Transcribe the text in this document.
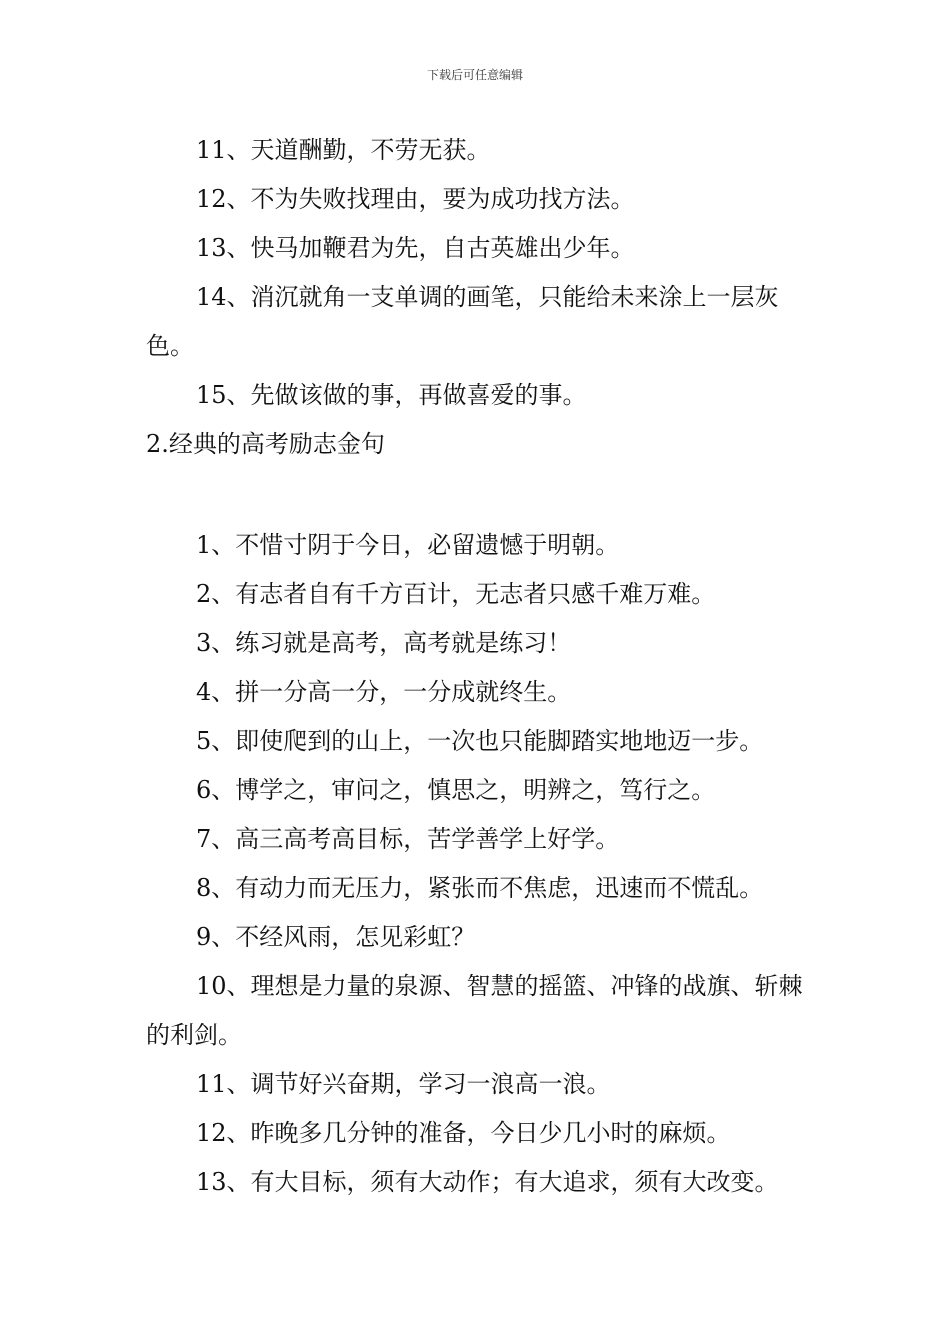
下载后可任意编辑

11、天道酬勤，不劳无获。

12、不为失败找理由，要为成功找方法。

13、快马加鞭君为先，自古英雄出少年。

14、消沉就角一支单调的画笔，只能给未来涂上一层灰色。

15、先做该做的事，再做喜爱的事。

2.经典的高考励志金句

1、不惜寸阴于今日，必留遗憾于明朝。

2、有志者自有千方百计，无志者只感千难万难。

3、练习就是高考，高考就是练习！

4、拼一分高一分，一分成就终生。

5、即使爬到的山上，一次也只能脚踏实地地迈一步。

6、博学之，审问之，慎思之，明辨之，笃行之。

7、高三高考高目标，苦学善学上好学。

8、有动力而无压力，紧张而不焦虑，迅速而不慌乱。

9、不经风雨，怎见彩虹？

10、理想是力量的泉源、智慧的摇篮、冲锋的战旗、斩棘的利剑。

11、调节好兴奋期，学习一浪高一浪。

12、昨晚多几分钟的准备，今日少几小时的麻烦。

13、有大目标，须有大动作；有大追求，须有大改变。
